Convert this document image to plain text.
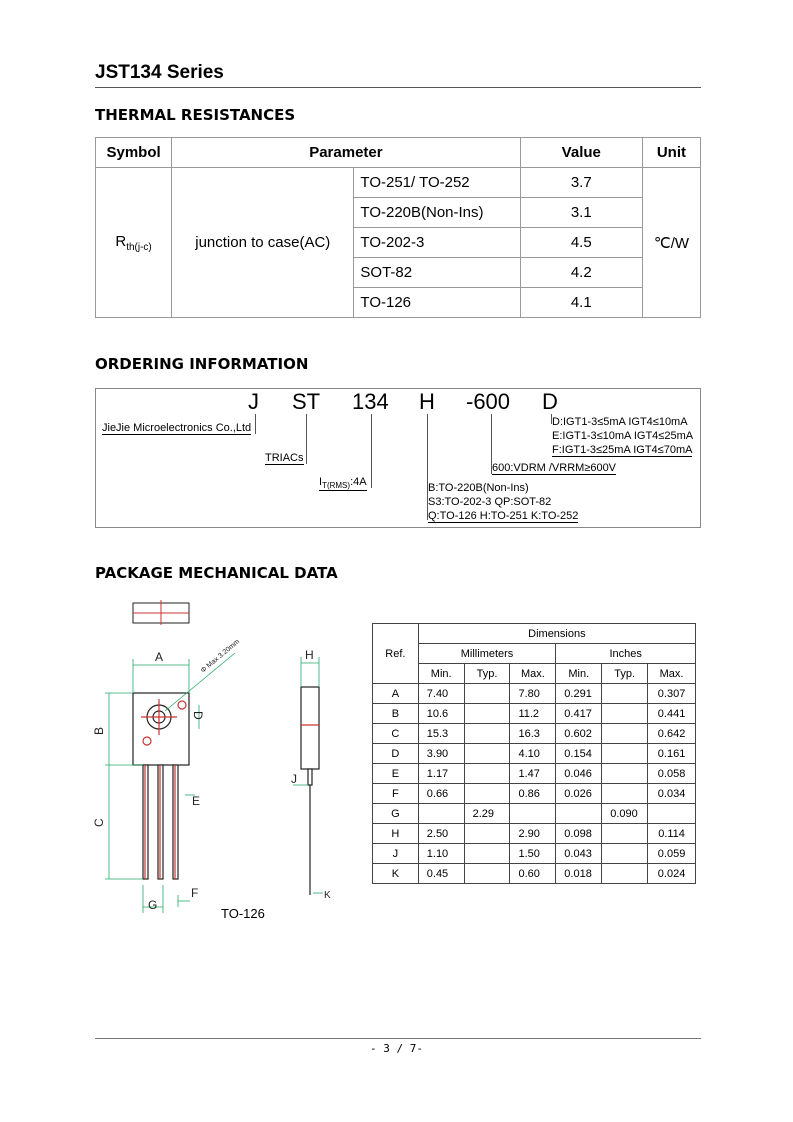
JST134 Series
THERMAL RESISTANCES
Symbol	Parameter		Value	Unit
$R_{th(j-c)}$	junction to case(AC)	TO-251/ TO-252	3.7	℃/W
		TO-220B(Non-Ins)	3.1	
		TO-202-3	4.5	
		SOT-82	4.2	
		TO-126	4.1	
ORDERING INFORMATION
J ST 134 H -600 D
JieJie Microelectronics Co.,Ltd
TRIACs
$I_{T(RMS)}:4A$	B:TO-220B(Non-Ins)
S3:TO-202-3 QP:SOT-82
Q:TO-126 H:TO-251 K:TO-252
600:VDRM /VRRM≥600V
D:IGT1-3≤5mA IGT4≤10mA
E:IGT1-3≤10mA IGT4≤25mA
F:IGT1-3≤25mA IGT4≤70mA
PACKAGE MECHANICAL DATA
A
B
C
D
E
F
G
H
J
K
Φ Max 3.20mm
TO-126
Ref.	Dimensions					
	Millimeters			Inches		
	Min.	Typ.	Max.	Min.	Typ.	Max.
A	7.40		7.80	0.291		0.307
B	10.6		11.2	0.417		0.441
C	15.3		16.3	0.602		0.642
D	3.90		4.10	0.154		0.161
E	1.17		1.47	0.046		0.058
F	0.66		0.86	0.026		0.034
G		2.29			0.090	
H	2.50		2.90	0.098		0.114
J	1.10		1.50	0.043		0.059
K	0.45		0.60	0.018		0.024
- 3 / 7-
